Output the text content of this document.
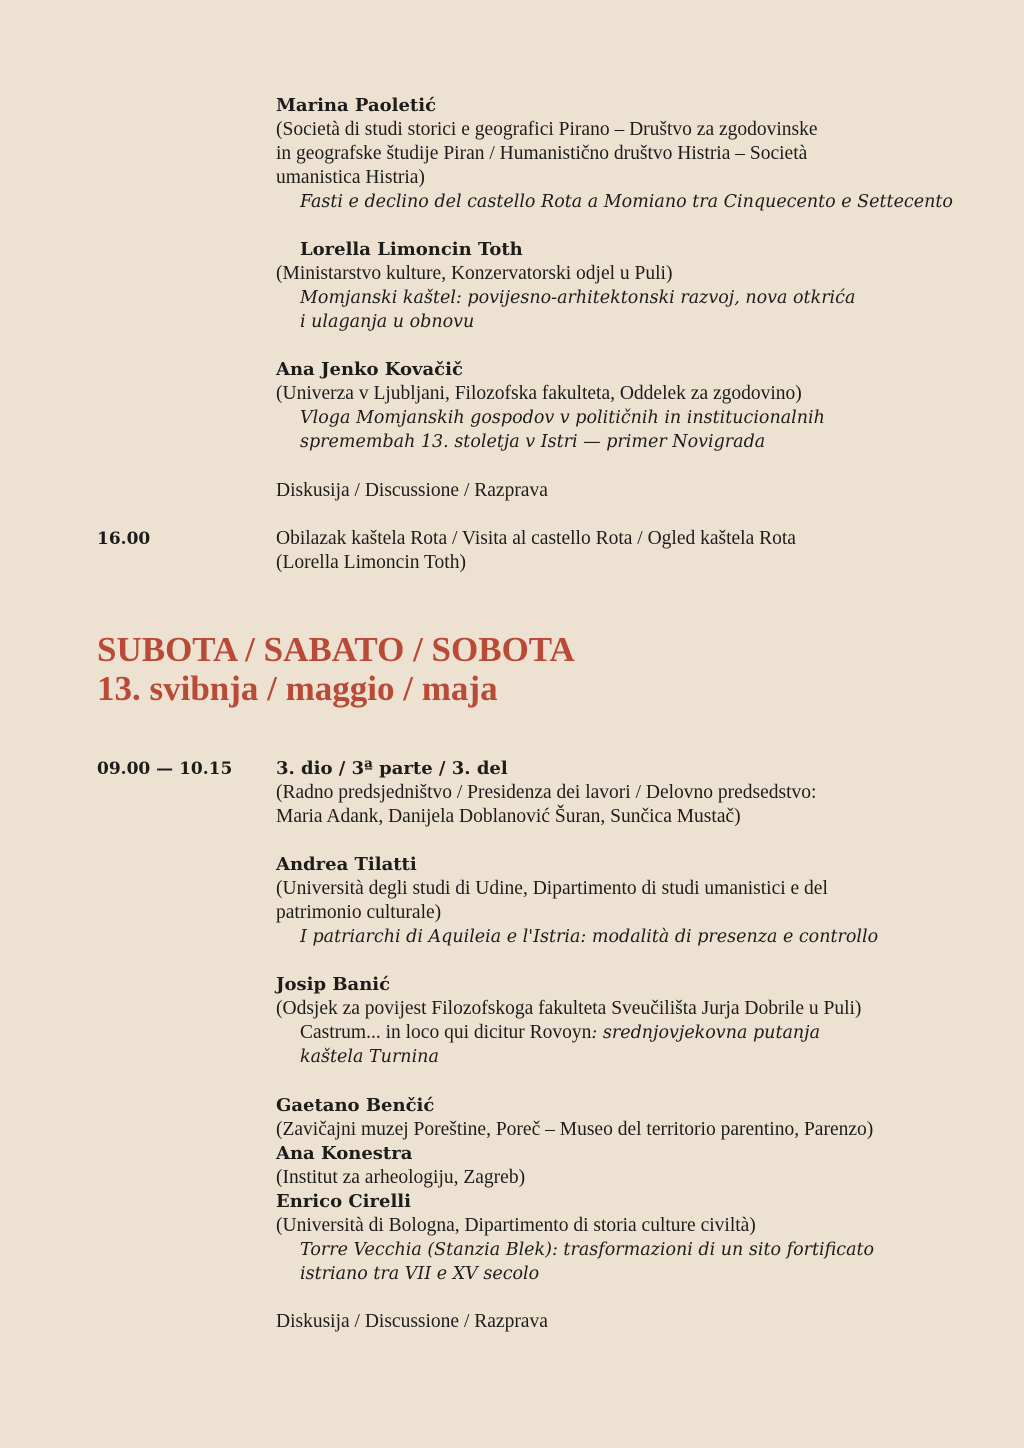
Marina Paoletić
(Società di studi storici e geografici Pirano – Društvo za zgodovinske
in geografske študije Piran / Humanistično društvo Histria – Società
umanistica Histria)
Fasti e declino del castello Rota a Momiano tra Cinquecento e Settecento
Lorella Limoncin Toth
(Ministarstvo kulture, Konzervatorski odjel u Puli)
Momjanski kaštel: povijesno-arhitektonski razvoj, nova otkrića
i ulaganja u obnovu
Ana Jenko Kovačič
(Univerza v Ljubljani, Filozofska fakulteta, Oddelek za zgodovino)
Vloga Momjanskih gospodov v političnih in institucionalnih
spremembah 13. stoletja v Istri — primer Novigrada
Diskusija / Discussione / Razprava
16.00	Obilazak kaštela Rota / Visita al castello Rota / Ogled kaštela Rota
(Lorella Limoncin Toth)
SUBOTA / SABATO / SOBOTA
13. svibnja / maggio / maja
09.00 — 10.15 3. dio / 3ª parte / 3. del
(Radno predsjedništvo / Presidenza dei lavori / Delovno predsedstvo:
Maria Adank, Danijela Doblanović Šuran, Sunčica Mustač)
Andrea Tilatti
(Università degli studi di Udine, Dipartimento di studi umanistici e del
patrimonio culturale)
I patriarchi di Aquileia e l'Istria: modalità di presenza e controllo
Josip Banić
(Odsjek za povijest Filozofskoga fakulteta Sveučilišta Jurja Dobrile u Puli)
Castrum... in loco qui dicitur Rovoyn: srednjovjekovna putanja
kaštela Turnina
Gaetano Benčić
(Zavičajni muzej Poreštine, Poreč – Museo del territorio parentino, Parenzo)
Ana Konestra
(Institut za arheologiju, Zagreb)
Enrico Cirelli
(Università di Bologna, Dipartimento di storia culture civiltà)
Torre Vecchia (Stanzia Blek): trasformazioni di un sito fortificato
istriano tra VII e XV secolo
Diskusija / Discussione / Razprava
